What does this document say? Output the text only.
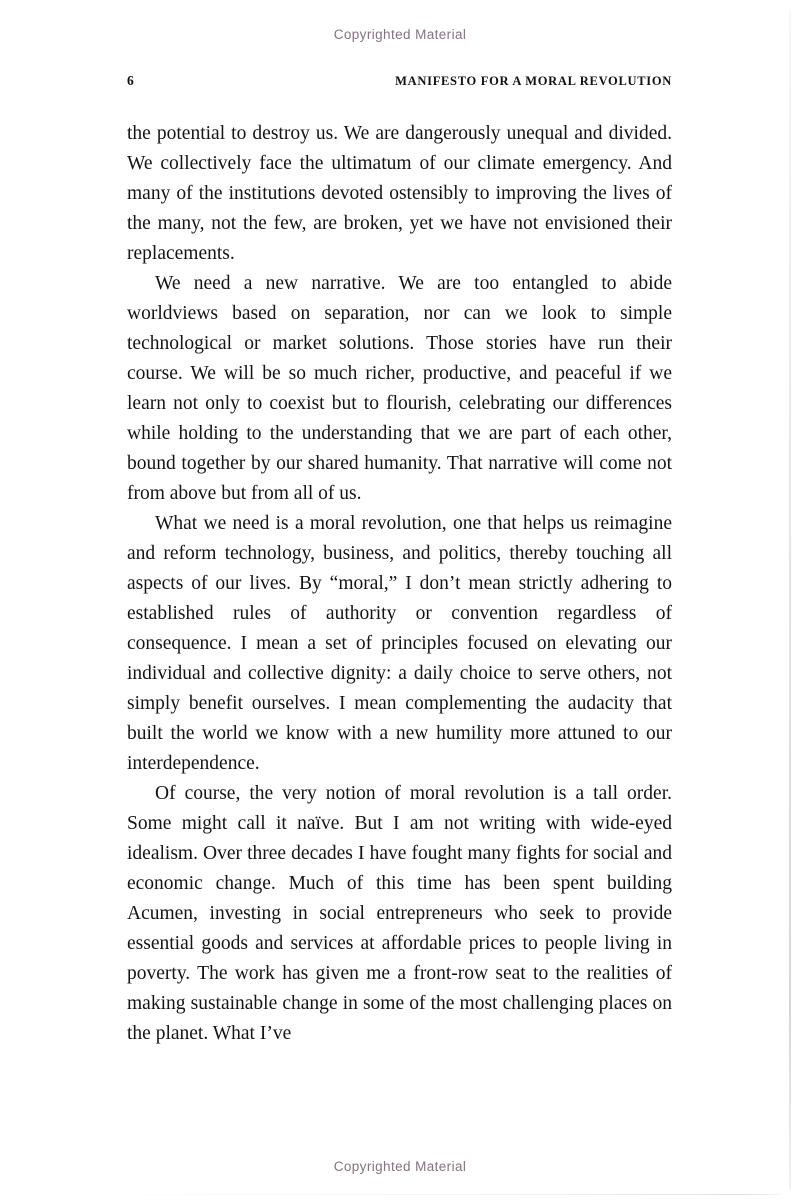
Copyrighted Material
6	MANIFESTO FOR A MORAL REVOLUTION

the potential to destroy us. We are dangerously unequal and divided. We collectively face the ultimatum of our climate emergency. And many of the institutions devoted ostensibly to improving the lives of the many, not the few, are broken, yet we have not envisioned their replacements.

We need a new narrative. We are too entangled to abide worldviews based on separation, nor can we look to simple technological or market solutions. Those stories have run their course. We will be so much richer, productive, and peaceful if we learn not only to coexist but to flourish, celebrating our differences while holding to the understanding that we are part of each other, bound together by our shared humanity. That narrative will come not from above but from all of us.

What we need is a moral revolution, one that helps us reimagine and reform technology, business, and politics, thereby touching all aspects of our lives. By “moral,” I don’t mean strictly adhering to established rules of authority or convention regardless of consequence. I mean a set of principles focused on elevating our individual and collective dignity: a daily choice to serve others, not simply benefit ourselves. I mean complementing the audacity that built the world we know with a new humility more attuned to our interdependence.

Of course, the very notion of moral revolution is a tall order. Some might call it naïve. But I am not writing with wide-eyed idealism. Over three decades I have fought many fights for social and economic change. Much of this time has been spent building Acumen, investing in social entrepreneurs who seek to provide essential goods and services at affordable prices to people living in poverty. The work has given me a front-row seat to the realities of making sustainable change in some of the most challenging places on the planet. What I’ve

Copyrighted Material
